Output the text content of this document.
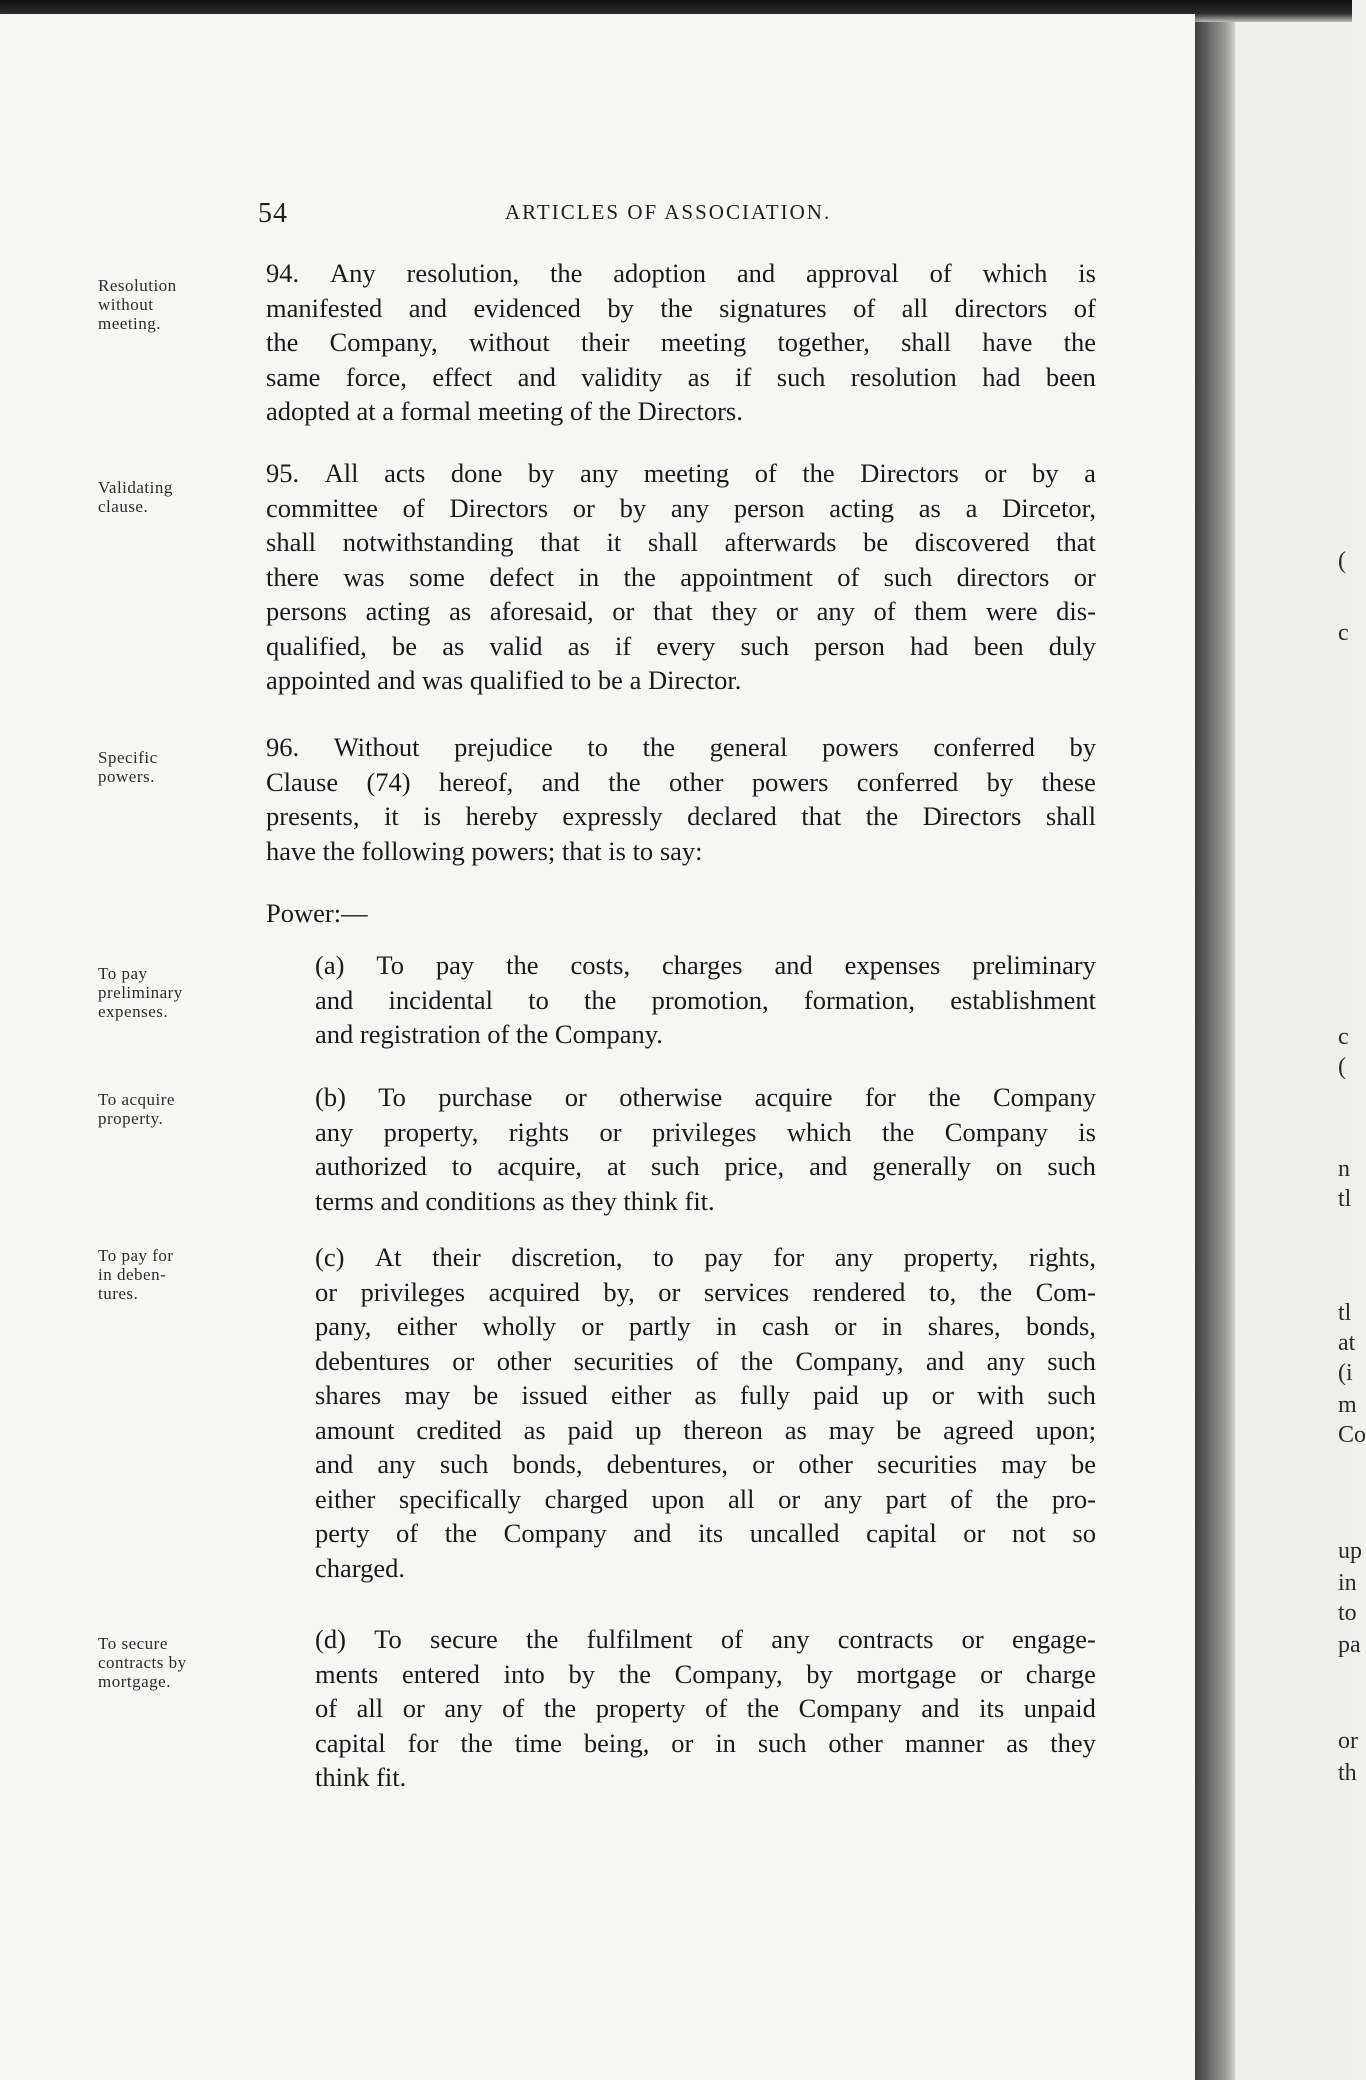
54	ARTICLES OF ASSOCIATION.
Resolution
without
meeting.
Validating
clause.
Specific
powers.
To pay
preliminary
expenses.
To acquire
property.
To pay for
in deben-
tures.
To secure
contracts by
mortgage.
94. Any resolution, the adoption and approval of which is
manifested and evidenced by the signatures of all directors of
the Company, without their meeting together, shall have the
same force, effect and validity as if such resolution had been
adopted at a formal meeting of the Directors.
95. All acts done by any meeting of the Directors or by a
committee of Directors or by any person acting as a Dircetor,
shall notwithstanding that it shall afterwards be discovered that
there was some defect in the appointment of such directors or
persons acting as aforesaid, or that they or any of them were dis-
qualified, be as valid as if every such person had been duly
appointed and was qualified to be a Director.
96. Without prejudice to the general powers conferred by
Clause (74) hereof, and the other powers conferred by these
presents, it is hereby expressly declared that the Directors shall
have the following powers; that is to say:
Power:—
(a) To pay the costs, charges and expenses preliminary
and incidental to the promotion, formation, establishment
and registration of the Company.
(b) To purchase or otherwise acquire for the Company
any property, rights or privileges which the Company is
authorized to acquire, at such price, and generally on such
terms and conditions as they think fit.
(c) At their discretion, to pay for any property, rights,
or privileges acquired by, or services rendered to, the Com-
pany, either wholly or partly in cash or in shares, bonds,
debentures or other securities of the Company, and any such
shares may be issued either as fully paid up or with such
amount credited as paid up thereon as may be agreed upon;
and any such bonds, debentures, or other securities may be
either specifically charged upon all or any part of the pro-
perty of the Company and its uncalled capital or not so
charged.
(d) To secure the fulfilment of any contracts or engage-
ments entered into by the Company, by mortgage or charge
of all or any of the property of the Company and its unpaid
capital for the time being, or in such other manner as they
think fit.
(
c
c
(
n
tl
tl
at
(i
m
Co
up
in
to
pa
or
th
